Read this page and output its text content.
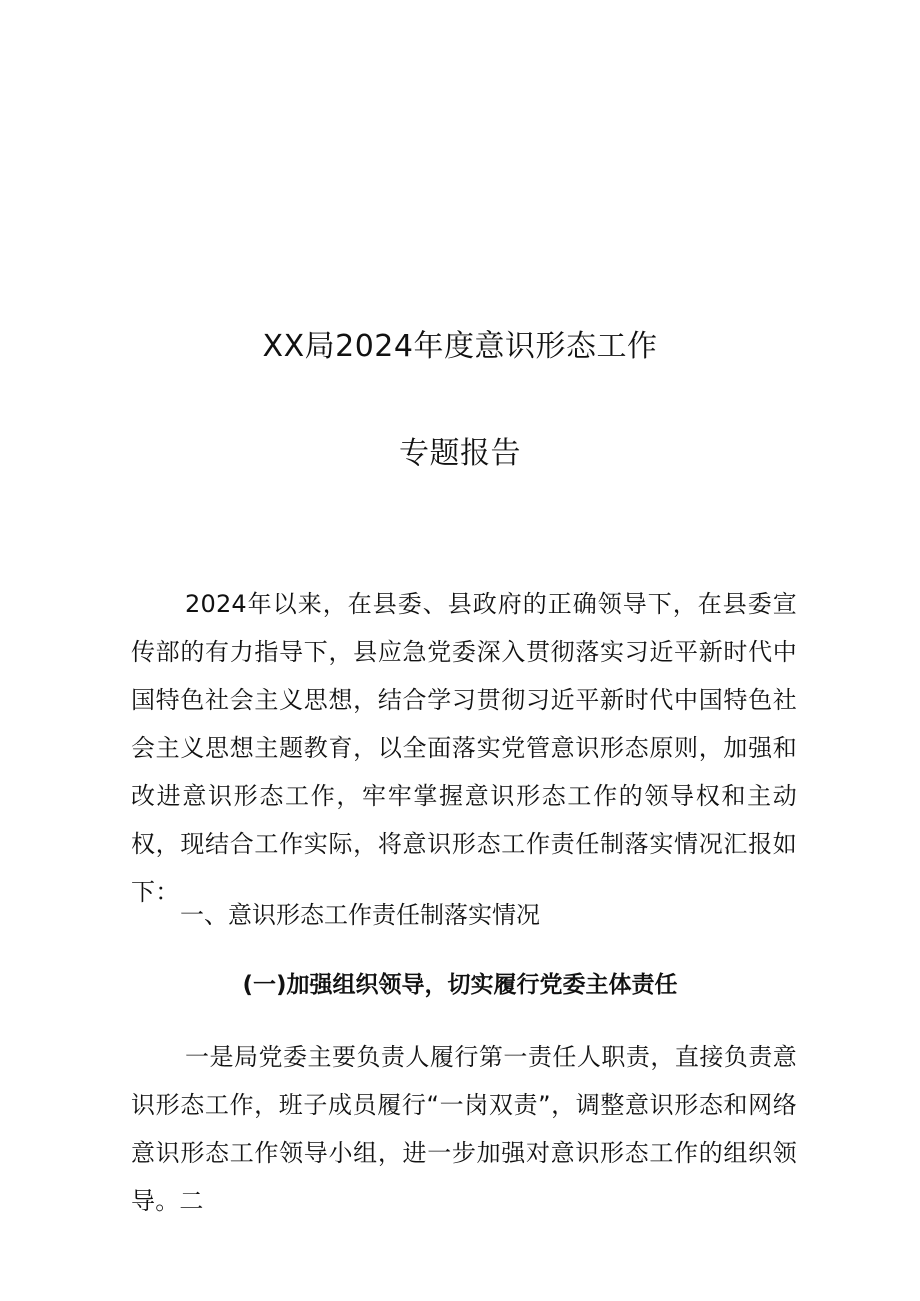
XX局2024年度意识形态工作
专题报告
2024年以来，在县委、县政府的正确领导下，在县委宣传部的有力指导下，县应急党委深入贯彻落实习近平新时代中国特色社会主义思想，结合学习贯彻习近平新时代中国特色社会主义思想主题教育，以全面落实党管意识形态原则，加强和改进意识形态工作，牢牢掌握意识形态工作的领导权和主动权，现结合工作实际，将意识形态工作责任制落实情况汇报如下：
一、意识形态工作责任制落实情况
(一)加强组织领导，切实履行党委主体责任
一是局党委主要负责人履行第一责任人职责，直接负责意识形态工作，班子成员履行“一岗双责”，调整意识形态和网络意识形态工作领导小组，进一步加强对意识形态工作的组织领导。二
